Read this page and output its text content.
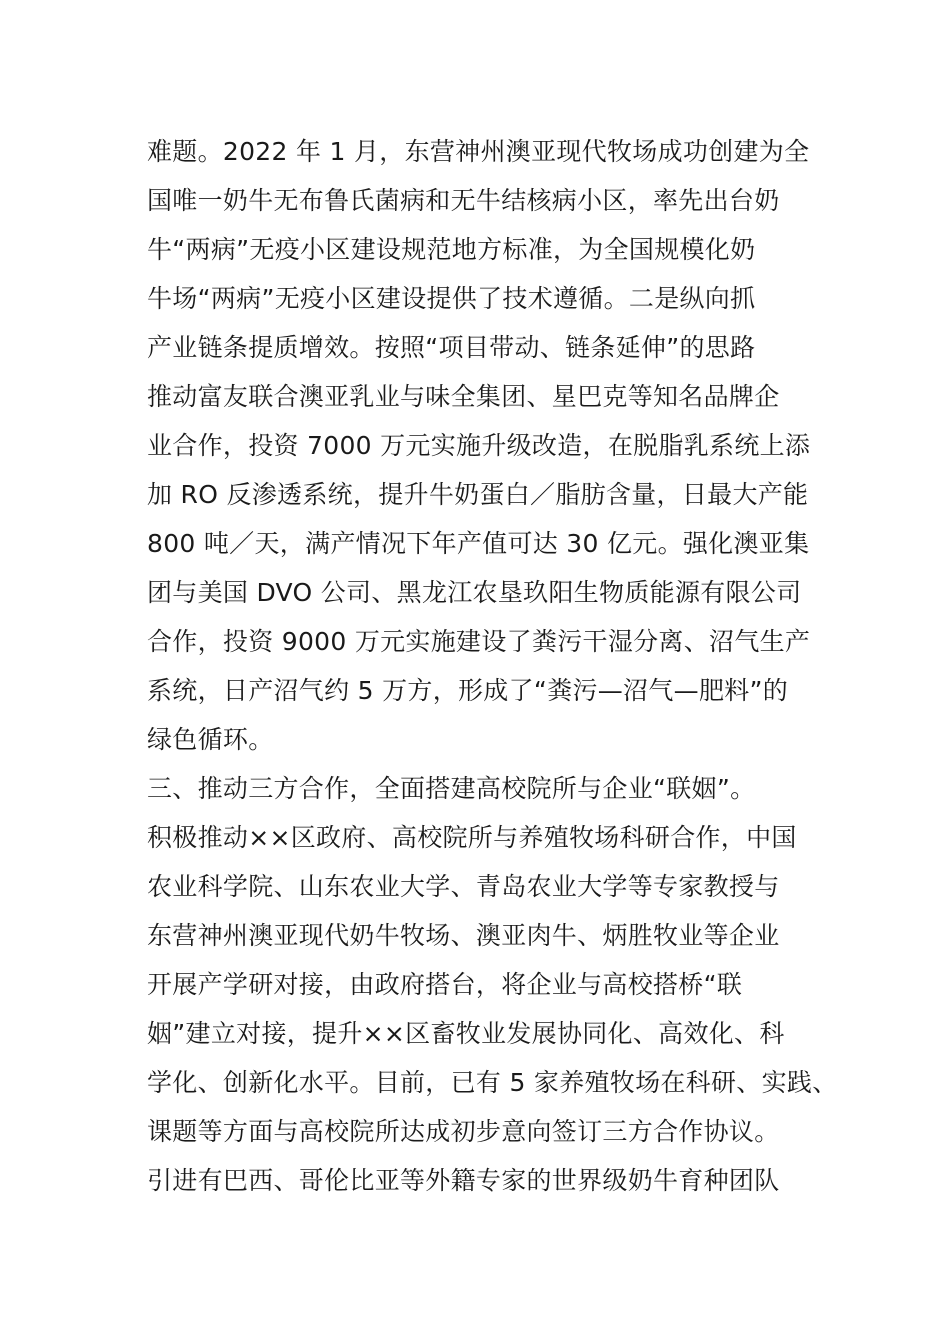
难题。2022 年 1 月，东营神州澳亚现代牧场成功创建为全
国唯一奶牛无布鲁氏菌病和无牛结核病小区，率先出台奶
牛“两病”无疫小区建设规范地方标准，为全国规模化奶
牛场“两病”无疫小区建设提供了技术遵循。二是纵向抓
产业链条提质增效。按照“项目带动、链条延伸”的思路
推动富友联合澳亚乳业与味全集团、星巴克等知名品牌企
业合作，投资 7000 万元实施升级改造，在脱脂乳系统上添
加 RO 反渗透系统，提升牛奶蛋白／脂肪含量，日最大产能
800 吨／天，满产情况下年产值可达 30 亿元。强化澳亚集
团与美国 DVO 公司、黑龙江农垦玖阳生物质能源有限公司
合作，投资 9000 万元实施建设了粪污干湿分离、沼气生产
系统，日产沼气约 5 万方，形成了“粪污—沼气—肥料”的
绿色循环。
三、推动三方合作，全面搭建高校院所与企业“联姻”。
积极推动××区政府、高校院所与养殖牧场科研合作，中国
农业科学院、山东农业大学、青岛农业大学等专家教授与
东营神州澳亚现代奶牛牧场、澳亚肉牛、炳胜牧业等企业
开展产学研对接，由政府搭台，将企业与高校搭桥“联
姻”建立对接，提升××区畜牧业发展协同化、高效化、科
学化、创新化水平。目前，已有 5 家养殖牧场在科研、实践、
课题等方面与高校院所达成初步意向签订三方合作协议。
引进有巴西、哥伦比亚等外籍专家的世界级奶牛育种团队
